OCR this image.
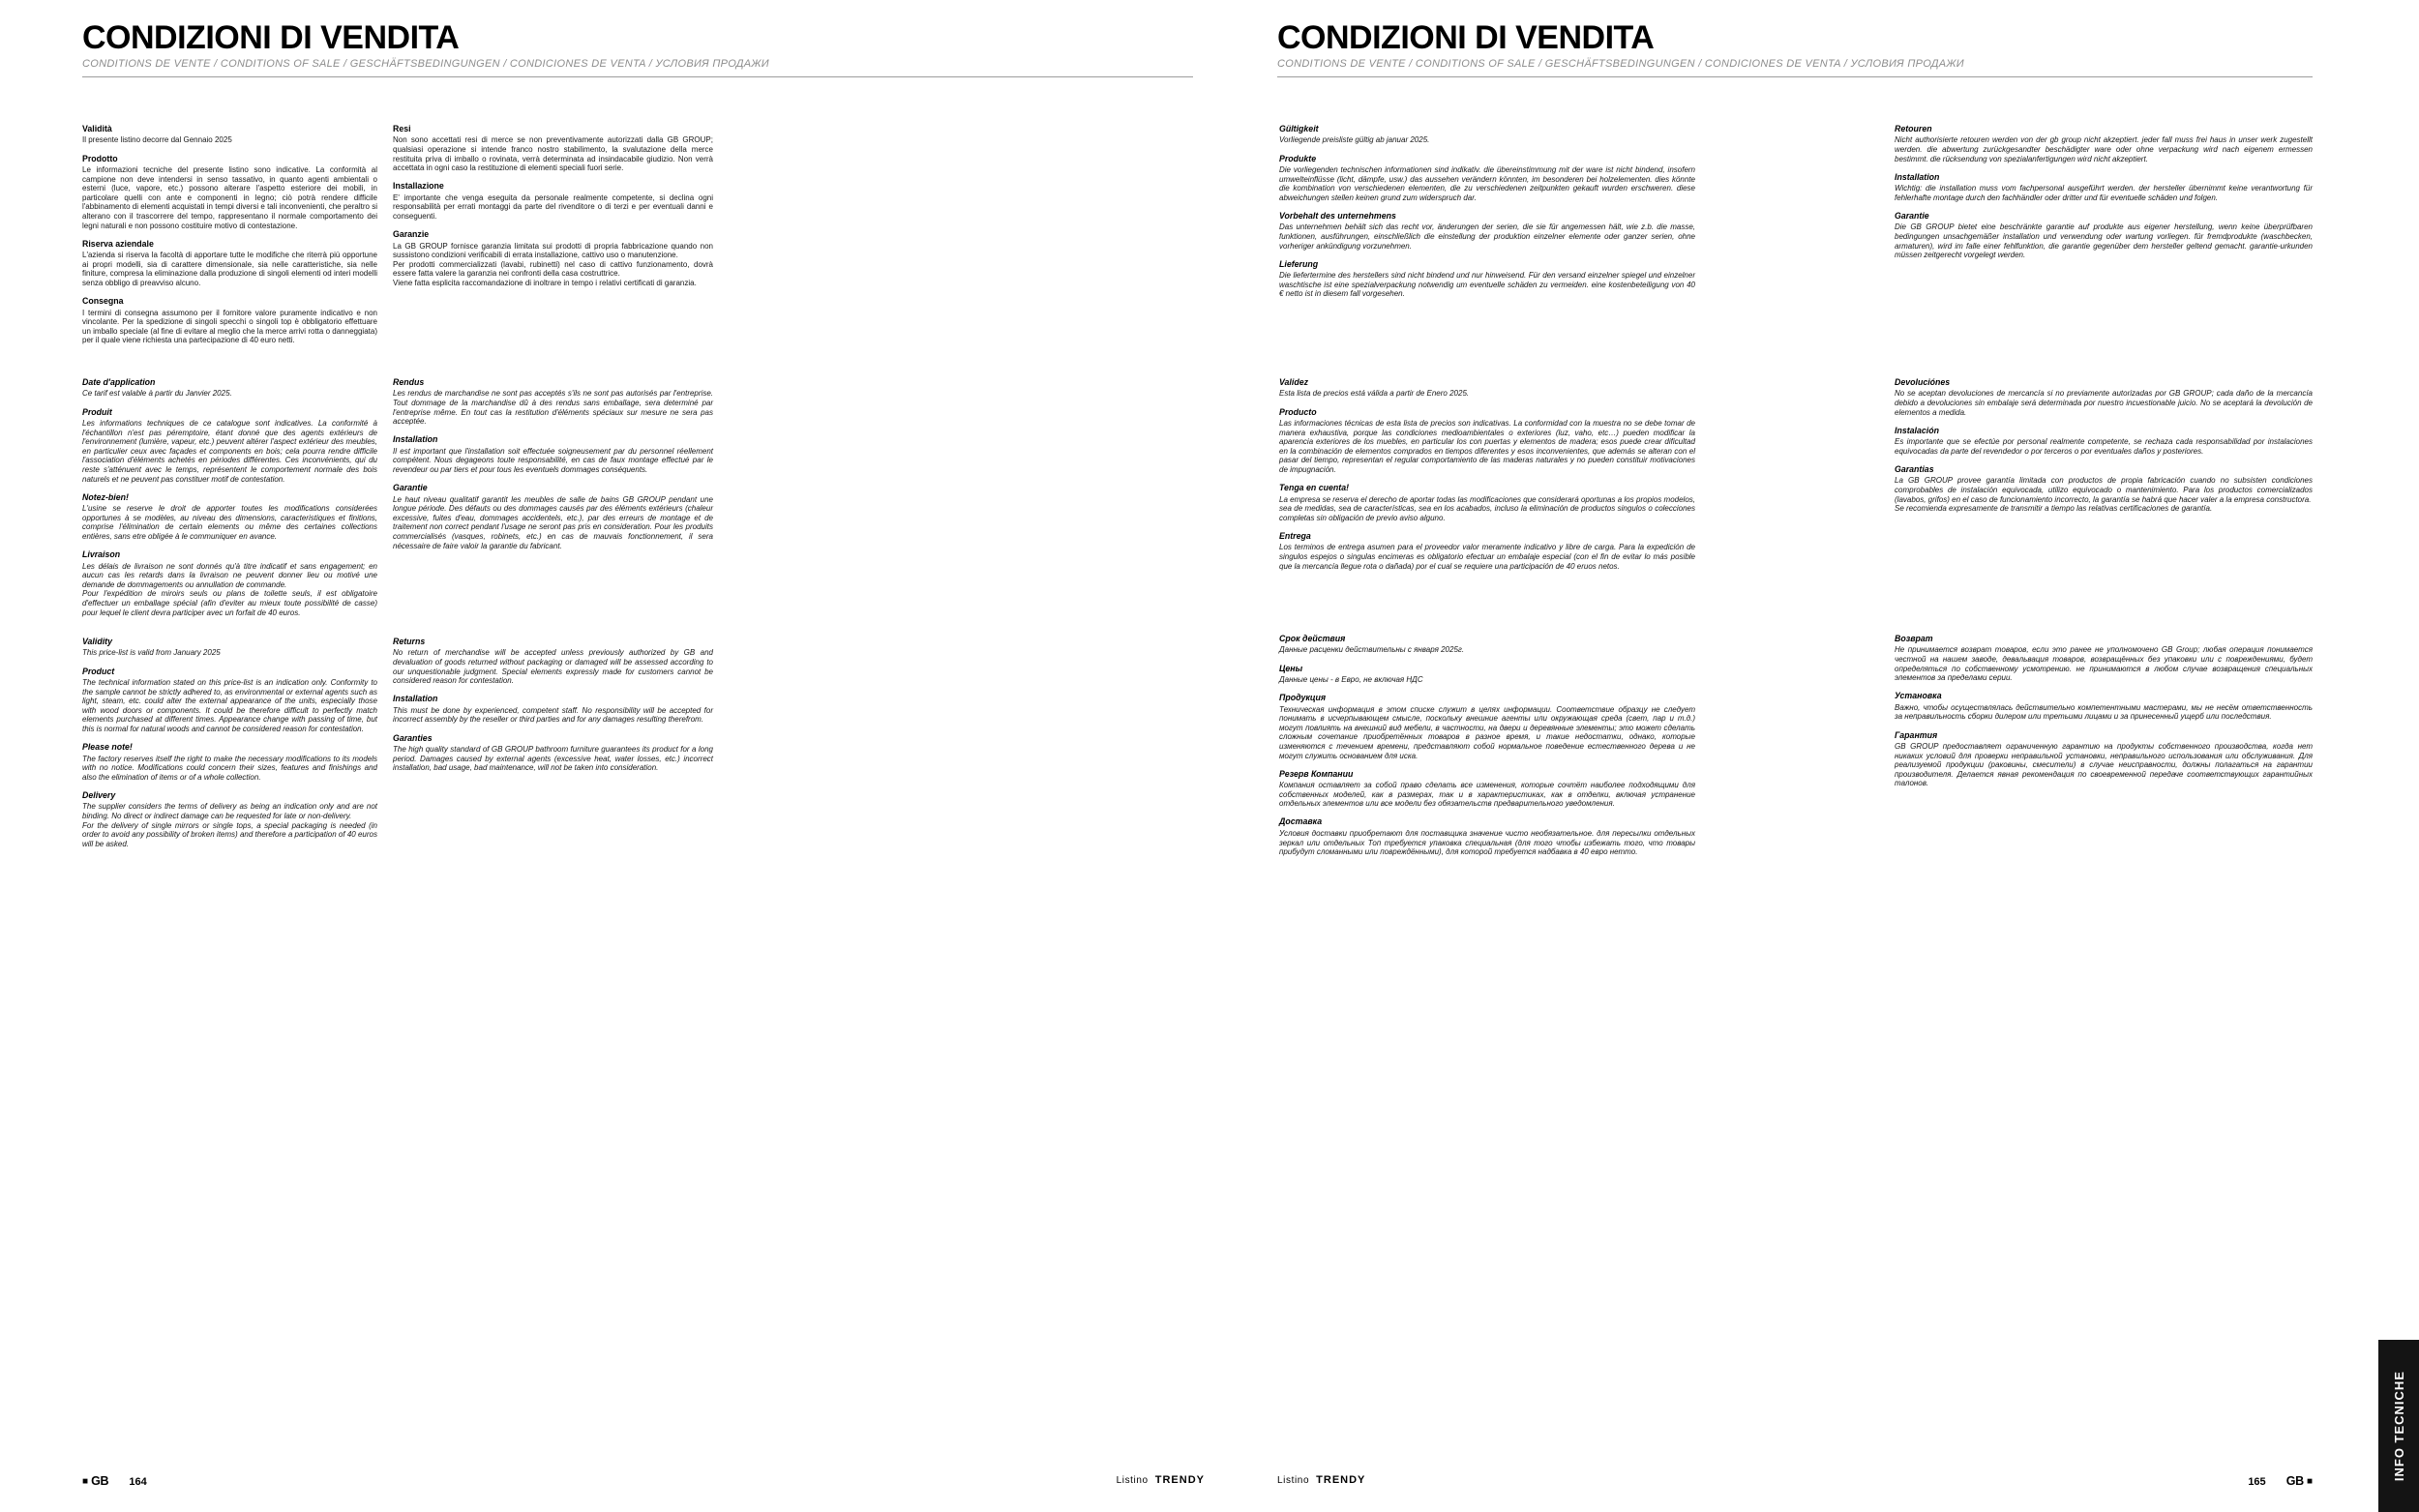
CONDIZIONI DI VENDITA
CONDITIONS DE VENTE / CONDITIONS OF SALE / GESCHÄFTSBEDINGUNGEN / CONDICIONES DE VENTA / УСЛОВИЯ ПРОДАЖИ
CONDIZIONI DI VENDITA
CONDITIONS DE VENTE / CONDITIONS OF SALE / GESCHÄFTSBEDINGUNGEN / CONDICIONES DE VENTA / УСЛОВИЯ ПРОДАЖИ
Validità

Il presente listino decorre dal Gennaio 2025

Prodotto

Le informazioni tecniche del presente listino sono indicative. La conformità al campione non deve intendersi in senso tassativo, in quanto agenti ambientali o esterni (luce, vapore, etc.) possono alterare l'aspetto esteriore dei mobili, in particolare quelli con ante e componenti in legno; ciò potrà rendere difficile l'abbinamento di elementi acquistati in tempi diversi e tali inconvenienti, che peraltro si alterano con il trascorrere del tempo, rappresentano il normale comportamento dei legni naturali e non possono costituire motivo di contestazione.

Riserva aziendale

L'azienda si riserva la facoltà di apportare tutte le modifiche che riterrà più opportune ai propri modelli, sia di carattere dimensionale, sia nelle caratteristiche, sia nelle finiture, compresa la eliminazione dalla produzione di singoli elementi od interi modelli senza obbligo di preavviso alcuno.

Consegna

I termini di consegna assumono per il fornitore valore puramente indicativo e non vincolante. Per la spedizione di singoli specchi o singoli top è obbligatorio effettuare un imballo speciale (al fine di evitare al meglio che la merce arrivi rotta o danneggiata) per il quale viene richiesta una partecipazione di 40 euro netti.

Resi

Non sono accettati resi di merce se non preventivamente autorizzati dalla GB GROUP; qualsiasi operazione si intende franco nostro stabilimento, la svalutazione della merce restituita priva di imballo o rovinata, verrà determinata ad insindacabile giudizio. Non verrà accettata in ogni caso la restituzione di elementi speciali fuori serie.

Installazione

E' importante che venga eseguita da personale realmente competente, si declina ogni responsabilità per errati montaggi da parte del rivenditore o di terzi e per eventuali danni e conseguenti.

Garanzie

La GB GROUP fornisce garanzia limitata sui prodotti di propria fabbricazione quando non sussistono condizioni verificabili di errata installazione, cattivo uso o manutenzione.
Per prodotti commercializzati (lavabi, rubinetti) nel caso di cattivo funzionamento, dovrà essere fatta valere la garanzia nei confronti della casa costruttrice.
Viene fatta esplicita raccomandazione di inoltrare in tempo i relativi certificati di garanzia.

Date d'application

Ce tarif est valable à partir du Janvier 2025.

Produit

Les informations techniques de ce catalogue sont indicatives. La conformité à l'échantillon n'est pas péremptoire, étant donné que des agents extérieurs de l'environnement (lumière, vapeur, etc.) peuvent altérer l'aspect extérieur des meubles, en particulier ceux avec façades et components en bois; cela pourra rendre difficile l'association d'éléments achetés en périodes différentes. Ces inconvénients, qui du reste s'atténuent avec le temps, représentent le comportement normale des bois naturels et ne peuvent pas constituer motif de contestation.

Notez-bien!

L'usine se reserve le droit de apporter toutes les modifications considerées opportunes à se modèles, au niveau des dimensions, caracteristiques et finitions, comprise l'élimination de certain elements ou même des certaines collections entières, sans etre obligée à le communiquer en avance.

Livraison

Les délais de livraison ne sont donnés qu'à titre indicatif et sans engagement; en aucun cas les retards dans la livraison ne peuvent donner lieu ou motivé une demande de dommagements ou annullation de commande.
Pour l'expédition de miroirs seuls ou plans de toilette seuls, il est obligatoire d'effectuer un emballage spécial (afin d'eviter au mieux toute possibilité de casse) pour lequel le client devra participer avec un forfait de 40 euros.

Rendus

Les rendus de marchandise ne sont pas acceptés s'ils ne sont pas autorisés par l'entreprise. Tout dommage de la marchandise dû à des rendus sans emballage, sera determiné par l'entreprise même. En tout cas la restitution d'éléments spéciaux sur mesure ne sera pas acceptée.

Installation

Il est important que l'installation soit effectuée soigneusement par du personnel réellement compétent. Nous degageons toute responsabilité, en cas de faux montage effectué par le revendeur ou par tiers et pour tous les eventuels dommages conséquents.

Garantie

Le haut niveau qualitatif garantit les meubles de salle de bains GB GROUP pendant une longue période. Des défauts ou des dommages causés par des éléments extérieurs (chaleur excessive, fuites d'eau, dommages accidentels, etc.), par des erreurs de montage et de traitement non correct pendant l'usage ne seront pas pris en consideration. Pour les produits commercialisés (vasques, robinets, etc.) en cas de mauvais fonctionnement, il sera nécessaire de faire valoir la garantie du fabricant.

Validity

This price-list is valid from January 2025

Product

The technical information stated on this price-list is an indication only. Conformity to the sample cannot be strictly adhered to, as environmental or external agents such as light, steam, etc. could alter the external appearance of the units, especially those with wood doors or components. It could be therefore difficult to perfectly match elements purchased at different times. Appearance change with passing of time, but this is normal for natural woods and cannot be considered reason for contestation.

Please note!

The factory reserves itself the right to make the necessary modifications to its models with no notice. Modifications could concern their sizes, features and finishings and also the elimination of items or of a whole collection.

Delivery

The supplier considers the terms of delivery as being an indication only and are not binding. No direct or indirect damage can be requested for late or non-delivery.
For the delivery of single mirrors or single tops, a special packaging is needed (in order to avoid any possibility of broken items) and therefore a participation of 40 euros will be asked.

Returns

No return of merchandise will be accepted unless previously authorized by GB and devaluation of goods returned without packaging or damaged will be assessed according to our unquestionable judgment. Special elements expressly made for customers cannot be considered reason for contestation.

Installation

This must be done by experienced, competent staff. No responsibility will be accepted for incorrect assembly by the reseller or third parties and for any damages resulting therefrom.

Garanties

The high quality standard of GB GROUP bathroom furniture guarantees its product for a long period. Damages caused by external agents (excessive heat, water losses, etc.) incorrect installation, bad usage, bad maintenance, will not be taken into consideration.

Gültigkeit

Vorliegende preisliste gültig ab januar 2025.

Produkte

Die vorliegenden technischen informationen sind indikativ. die übereinstimmung mit der ware ist nicht bindend, insofern umwelteinflüsse (licht, dämpfe, usw.) das aussehen verändern könnten, im besonderen bei holzelementen. dies könnte die kombination von verschiedenen elementen, die zu verschiedenen zeitpunkten gekauft wurden erschweren. diese abweichungen stellen keinen grund zum widerspruch dar.

Vorbehalt des unternehmens

Das unternehmen behält sich das recht vor, änderungen der serien, die sie für angemessen hält, wie z.b. die masse, funktionen, ausführungen, einschließlich die einstellung der produktion einzelner elemente oder ganzer serien, ohne vorheriger ankündigung vorzunehmen.

Lieferung

Die liefertermine des herstellers sind nicht bindend und nur hinweisend. Für den versand einzelner spiegel und einzelner waschtische ist eine spezialverpackung notwendig um eventuelle schäden zu vermeiden. eine kostenbeteiligung von 40 € netto ist in diesem fall vorgesehen.

Retouren

Nicht authorisierte retouren werden von der gb group nicht akzeptiert. jeder fall muss frei haus in unser werk zugestellt werden. die abwertung zurückgesandter beschädigter ware oder ohne verpackung wird nach eigenem ermessen bestimmt. die rücksendung von spezialanfertigungen wird nicht akzeptiert.

Installation

Wichtig: die installation muss vom fachpersonal ausgeführt werden. der hersteller übernimmt keine verantwortung für fehlerhafte montage durch den fachhändler oder dritter und für eventuelle schäden und folgen.

Garantie

Die GB GROUP bietet eine beschränkte garantie auf produkte aus eigener herstellung, wenn keine überprüfbaren bedingungen unsachgemäßer installation und verwendung oder wartung vorliegen. für fremdprodukte (waschbecken, armaturen), wird im falle einer fehlfunktion, die garantie gegenüber dem hersteller geltend gemacht. garantie-urkunden müssen zeitgerecht vorgelegt werden.

Validez

Esta lista de precios está válida a partir de Enero 2025.

Producto

Las informaciones técnicas de esta lista de precios son indicativas. La conformidad con la muestra no se debe tomar de manera exhaustiva, porque las condiciones medioambientales o exteriores (luz, vaho, etc…) pueden modificar la aparencia exteriores de los muebles, en particular los con puertas y elementos de madera; esos puede crear dificultad en la combinación de elementos comprados en tiempos diferentes y esos inconvenientes, que además se alteran con el pasar del tiempo, representan el regular comportamiento de las maderas naturales y no pueden constituir motivaciones de impugnación.

Tenga en cuenta!

La empresa se reserva el derecho de aportar todas las modificaciones que considerará oportunas a los propios modelos, sea de medidas, sea de características, sea en los acabados, incluso la eliminación de productos singulos o colecciones completas sin obligación de previo aviso alguno.

Entrega

Los terminos de entrega asumen para el proveedor valor meramente indicativo y libre de carga. Para la expedición de singulos espejos o singulas encimeras es obligatorio efectuar un embalaje especial (con el fin de evitar lo más posible que la mercancía llegue rota o dañada) por el cual se requiere una participación de 40 eruos netos.

Devoluciónes

No se aceptan devoluciones de mercancía si no previamente autorizadas por GB GROUP; cada daño de la mercancía debido a devoluciones sin embalaje será determinada por nuestro incuestionable juicio. No se aceptará la devolución de elementos a medida.

Instalación

Es importante que se efectúe por personal realmente competente, se rechaza cada responsabilidad por instalaciones equivocadas da parte del revendedor o por terceros o por eventuales daños y posteriores.

Garantias

La GB GROUP provee garantía limitada con productos de propia fabricación cuando no subsisten condiciones comprobables de instalación equivocada, utilizo equivocado o mantenimiento. Para los productos comercializados (lavabos, grifos) en el caso de funcionamiento incorrecto, la garantía se habrá que hacer valer a la empresa constructora.
Se recomienda expresamente de transmitir a tiempo las relativas certificaciones de garantía.

Срок действия

Данные расценки действительны с января 2025г.

Цены

Данные цены - в Евро, не включая НДС

Продукция

Техническая информация в этом списке служит в целях информации. Соответствие образцу не следует понимать в исчерпывающем смысле, поскольку внешние агенты или окружающая среда (свет, пар и т.д.) могут повлиять на внешний вид мебели, в частности, на двери и деревянные элементы; это может сделать сложным сочетание приобретённых товаров в разное время, и такие недостатки, однако, которые изменяются с течением времени, представляют собой нормальное поведение естественного дерева и не могут служить основанием для иска.

Резерв Компании

Компания оставляет за собой право сделать все изменения, которые сочтёт наиболее подходящими для собственных моделей, как в размерах, так и в характеристиках, как в отделки, включая устранение отдельных элементов или все модели без обязательств предварительного уведомления.

Доставка

Условия доставки приобретают для поставщика значение чисто необязательное. для пересылки отдельных зеркал или отдельных Топ требуется упаковка специальная (для того чтобы избежать того, что товары прибудут сломанными или повреждёнными), для которой требуется надбавка в 40 евро нетто.

Возврат

Не принимается возврат товаров, если это ранее не уполномочено GB Group; любая операция понимается честной на нашем заводе, девальвация товаров, возвращённых без упаковки или с повреждениями, будет определяться по собственному усмотрению. не принимаются в любом случае возвращения специальных элементов за пределами серии.

Установка

Важно, чтобы осуществлялась действительно компетентными мастерами, мы не несём ответственность за неправильность сборки дилером или третьими лицами и за принесенный ущерб или последствия.

Гарантия

GB GROUP предоставляет ограниченную гарантию на продукты собственного производства, когда нет никаких условий для проверки неправильной установки, неправильного использования или обслуживания. Для реализуемой продукции (раковины, смесители) в случае неисправности, должны полагаться на гарантии производителя. Делается явная рекомендация по своевременной передаче соответствующих гарантийных талонов.

■ GB 164	Listino TRENDY	Listino TRENDY	165 GB ■
INFO TECNICHE
